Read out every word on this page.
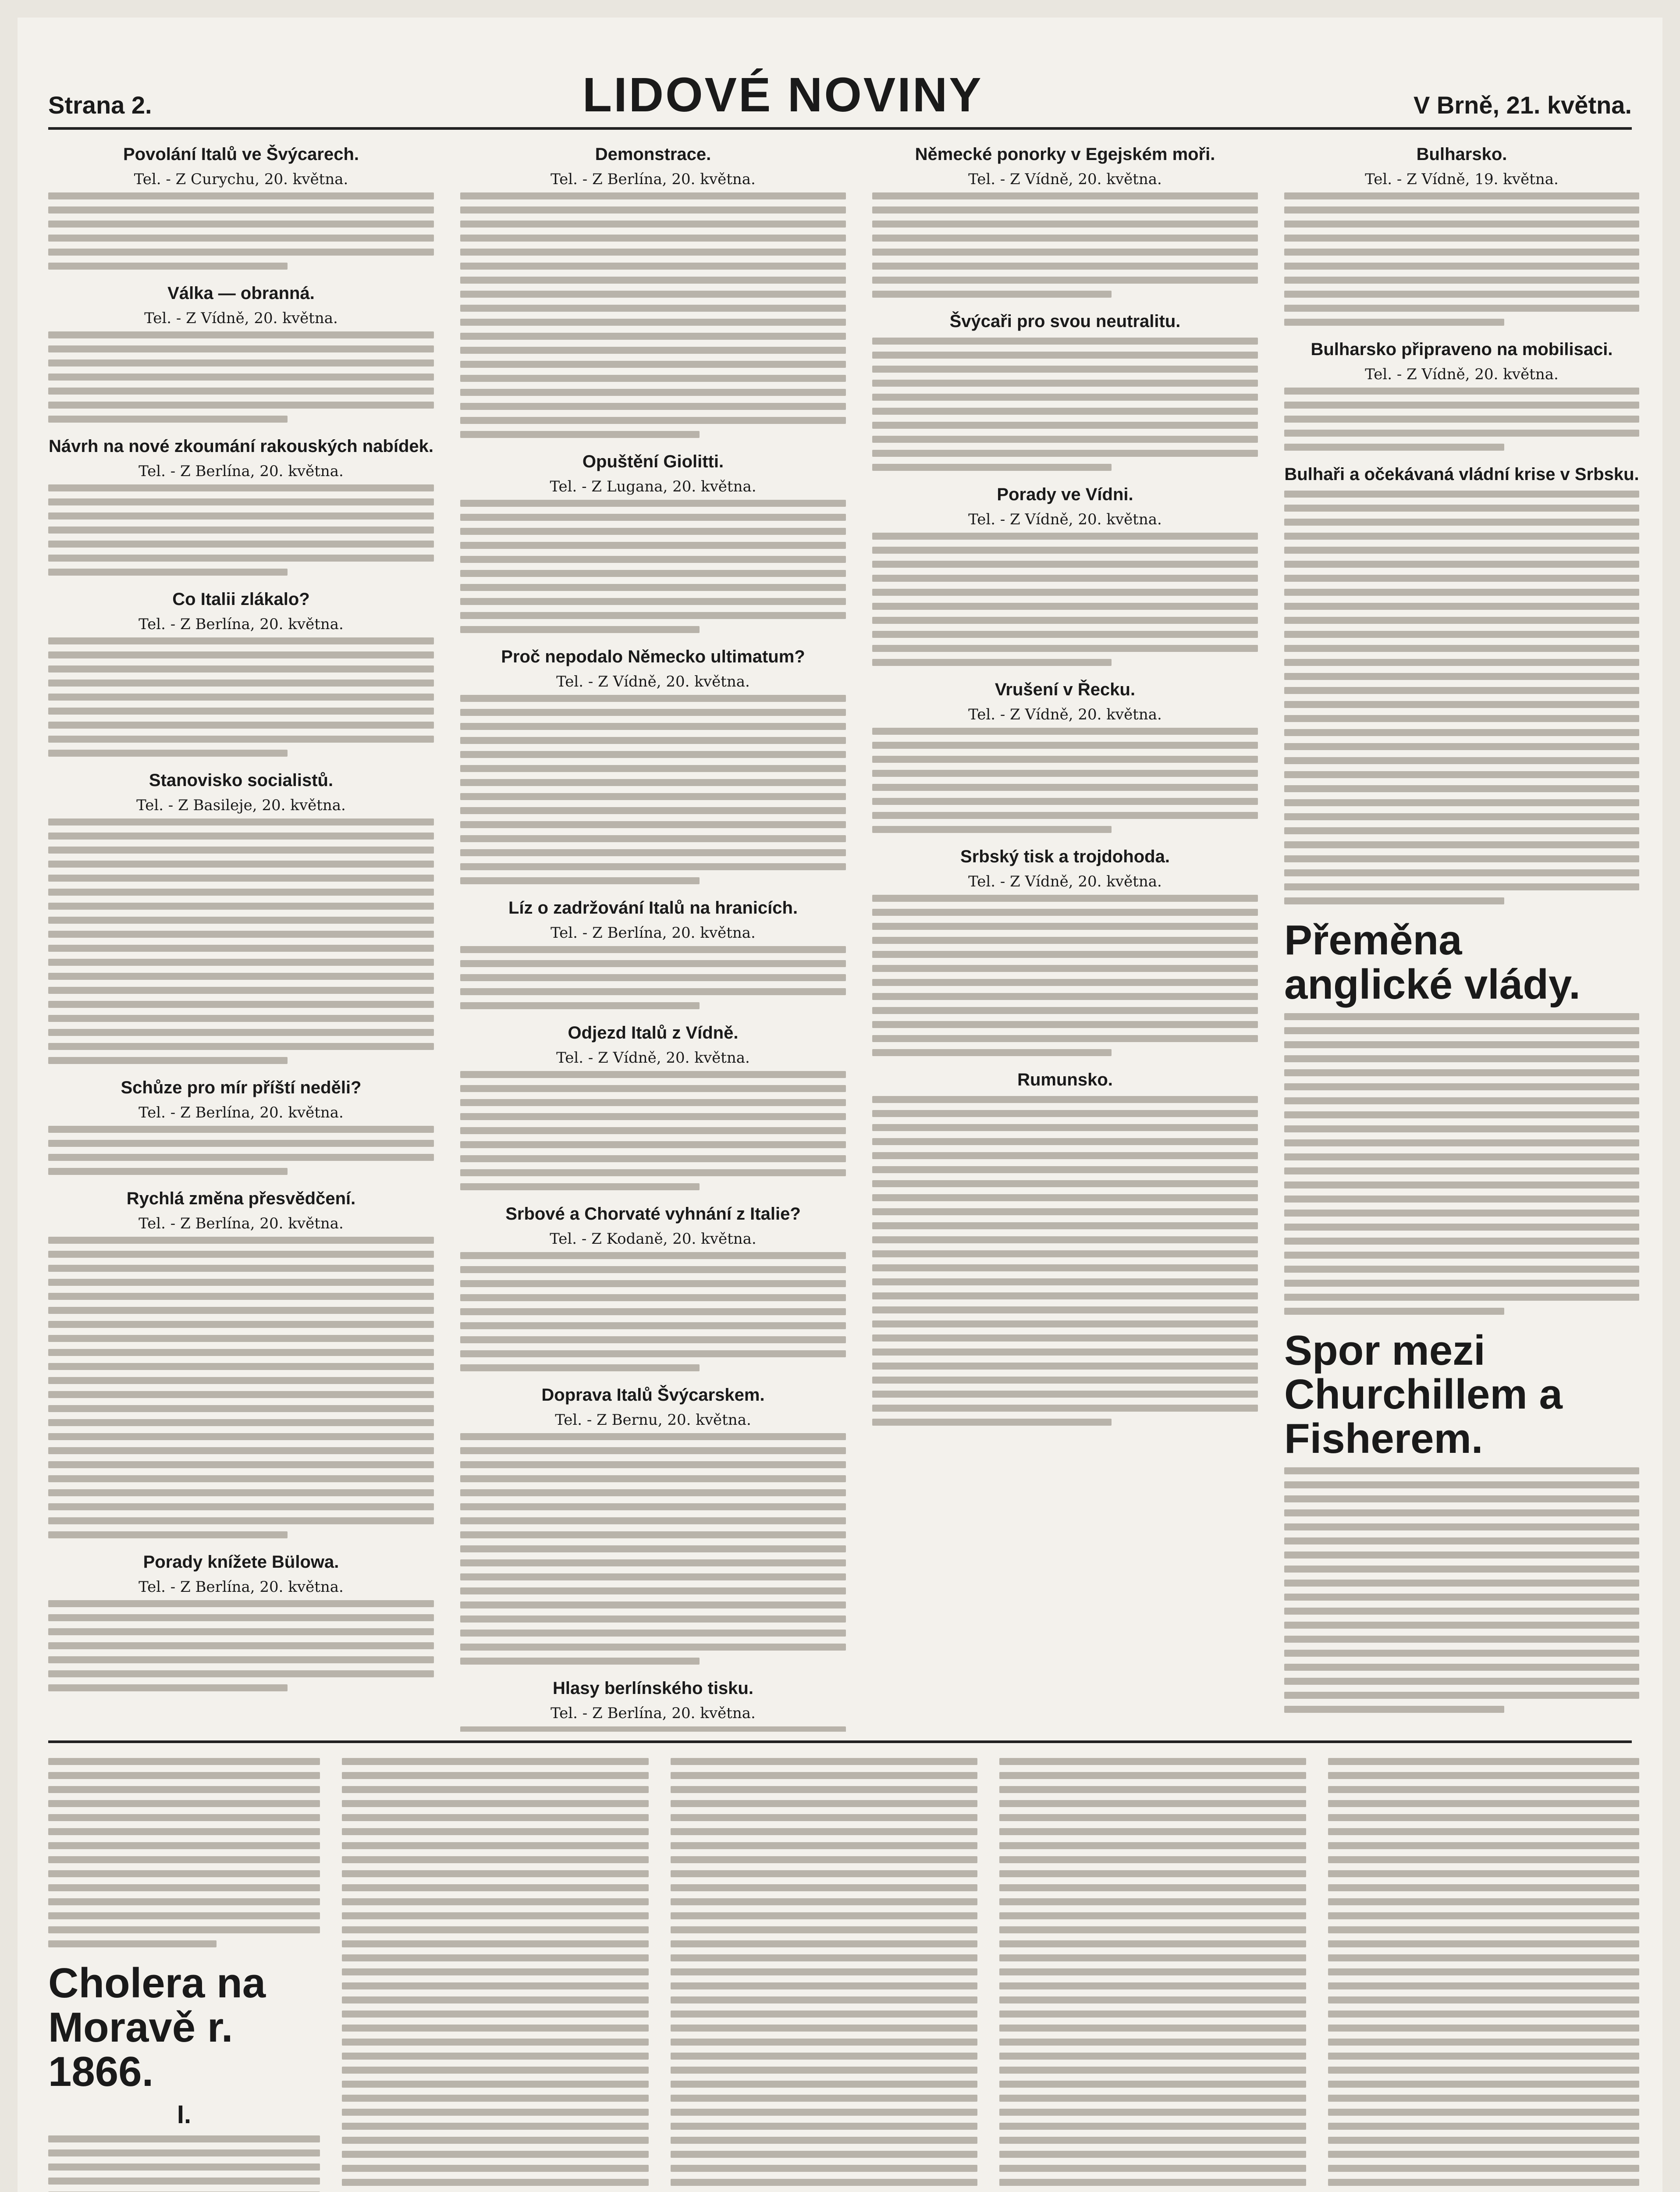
Strana 2.	LIDOVÉ NOVINY	V Brně, 21. května.
Povolání Italů ve Švýcarech.
Tel. - Z Curychu, 20. května.
Válka — obranná.
Tel. - Z Vídně, 20. května.
Návrh na nové zkoumání rakouských nabídek.
Tel. - Z Berlína, 20. května.
Co Italii zlákalo?
Tel. - Z Berlína, 20. května.
Stanovisko socialistů.
Tel. - Z Basileje, 20. května.
Schůze pro mír příští neděli?
Tel. - Z Berlína, 20. května.
Rychlá změna přesvědčení.
Tel. - Z Berlína, 20. května.
Porady knížete Bülowa.
Tel. - Z Berlína, 20. května.
Demonstrace.
Tel. - Z Berlína, 20. května.
Opuštění Giolitti.
Tel. - Z Lugana, 20. května.
Proč nepodalo Německo ultimatum?
Tel. - Z Vídně, 20. května.
Líz o zadržování Italů na hranicích.
Tel. - Z Berlína, 20. května.
Odjezd Italů z Vídně.
Tel. - Z Vídně, 20. května.
Srbové a Chorvaté vyhnání z Italie?
Tel. - Z Kodaně, 20. května.
Doprava Italů Švýcarskem.
Tel. - Z Bernu, 20. května.
Hlasy berlínského tisku.
Tel. - Z Berlína, 20. května.
Německé ponorky v Egejském moři.
Tel. - Z Vídně, 20. května.
Švýcaři pro svou neutralitu.
Porady ve Vídni.
Tel. - Z Vídně, 20. května.
Vrušení v Řecku.
Tel. - Z Vídně, 20. května.
Srbský tisk a trojdohoda.
Tel. - Z Vídně, 20. května.
Rumunsko.
Bulharsko.
Tel. - Z Vídně, 19. května.
Bulharsko připraveno na mobilisaci.
Tel. - Z Vídně, 20. května.
Bulhaři a očekávaná vládní krise v Srbsku.
Přeměna anglické vlády.
Spor mezi Churchillem a Fisherem.
Cholera na Moravě r. 1866.
I.
